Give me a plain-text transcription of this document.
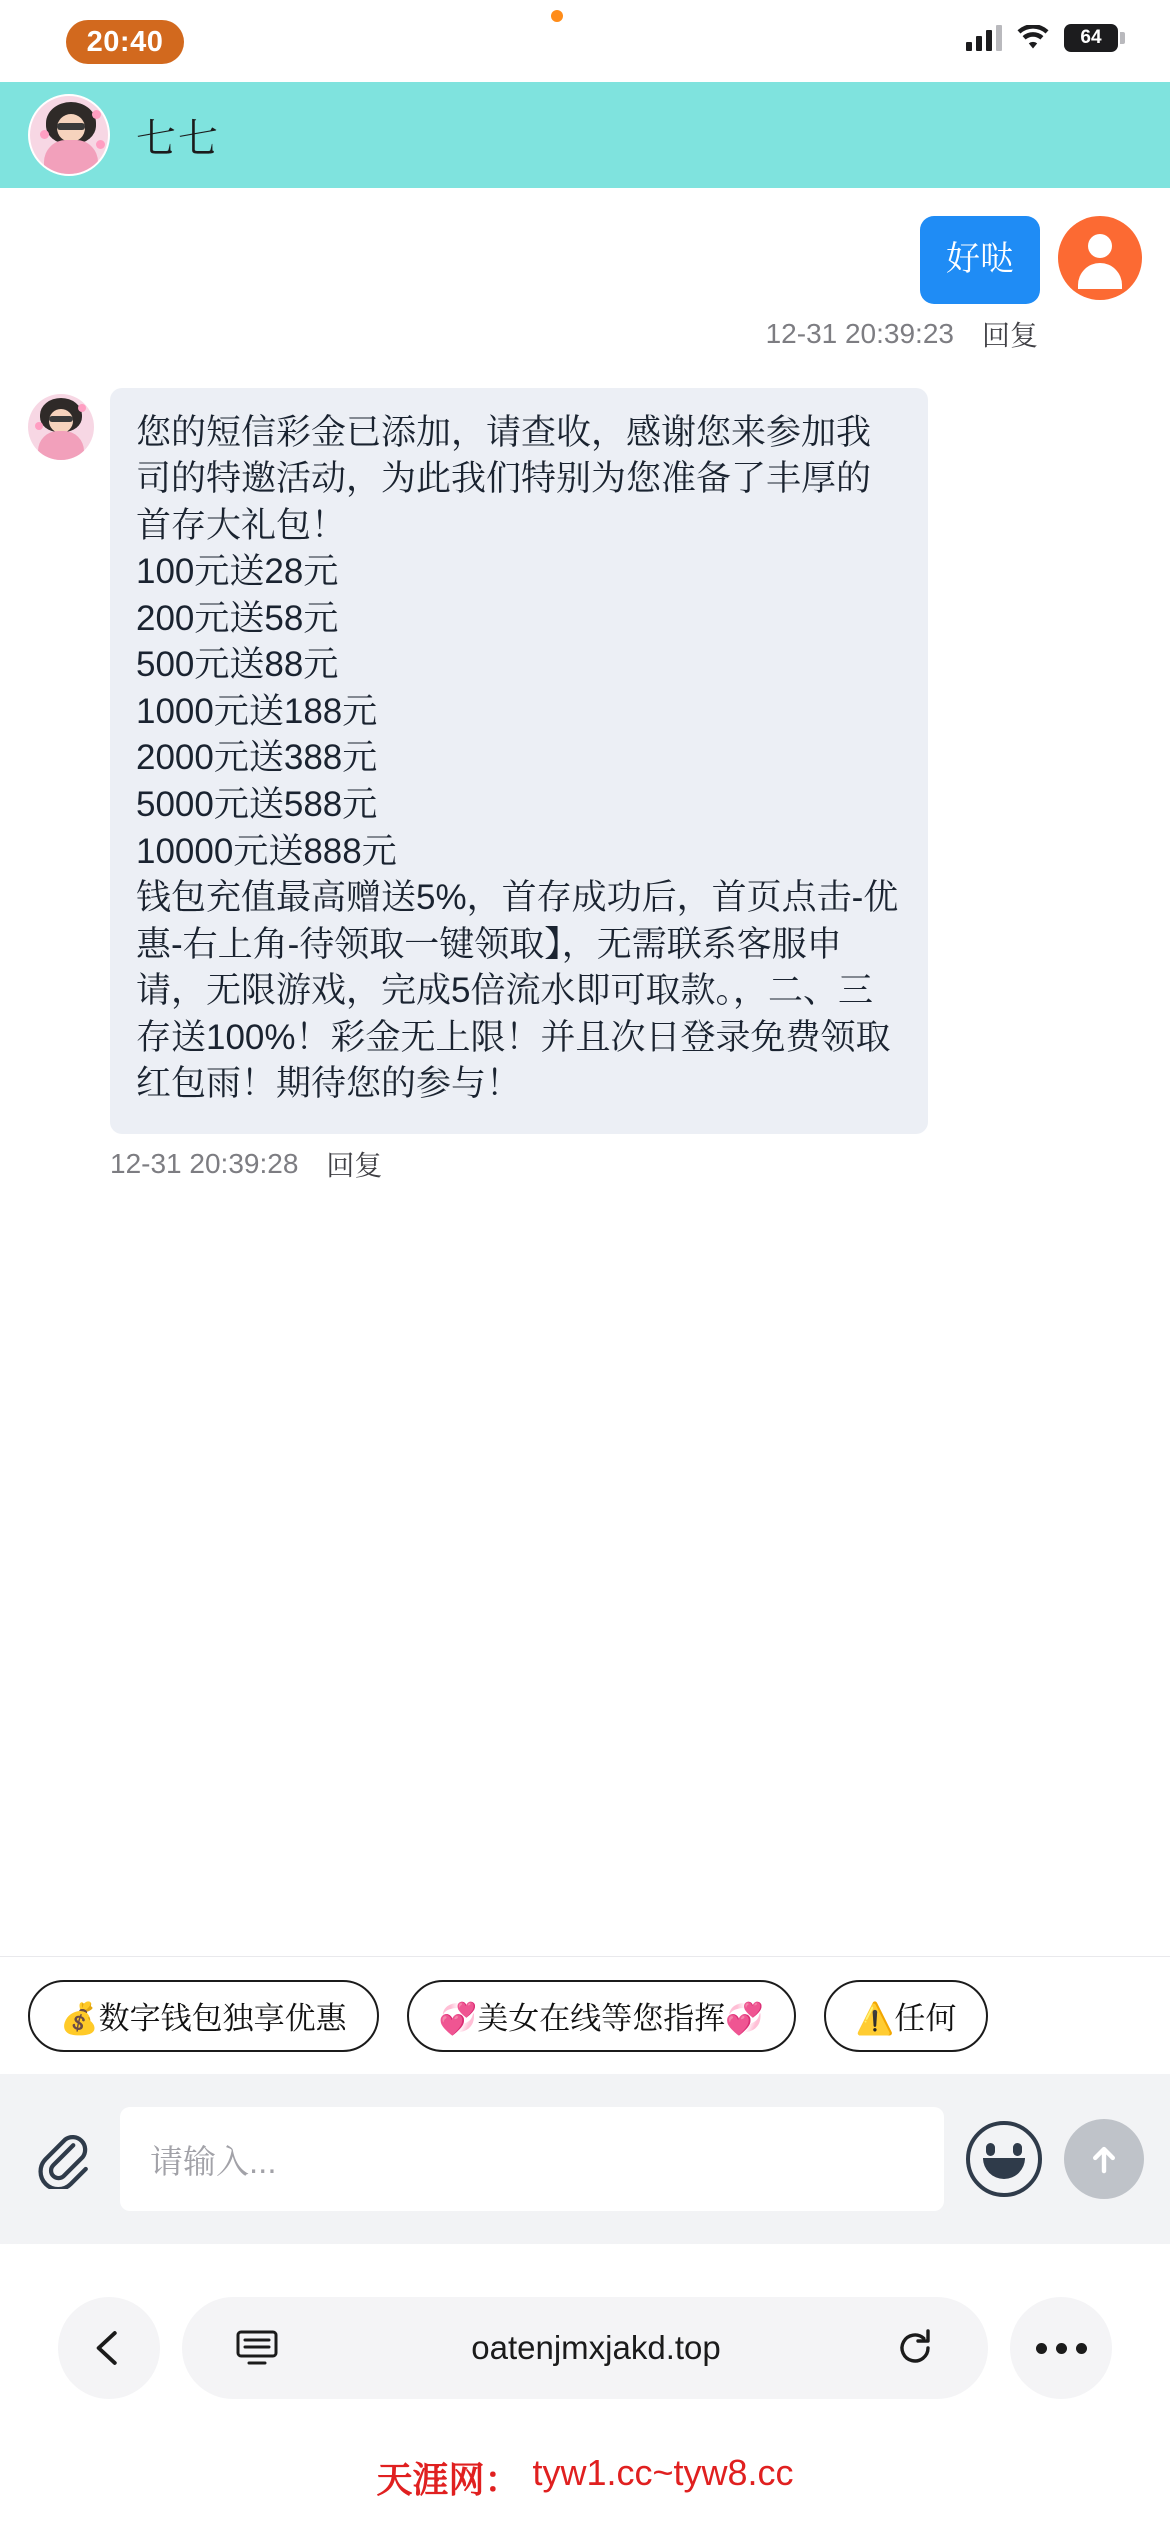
20:40	64
七七
好哒
12-31 20:39:23 回复

您的短信彩金已添加，请查收，感谢您来参加我司的特邀活动，为此我们特别为您准备了丰厚的首存大礼包！

100元送28元

200元送58元

500元送88元

1000元送188元

2000元送388元

5000元送588元

10000元送888元

钱包充值最高赠送5%，首存成功后，首页点击-优惠-右上角-待领取一键领取】，无需联系客服申请，无限游戏，完成5倍流水即可取款。，二、三存送100%！彩金无上限！并且次日登录免费领取红包雨！期待您的参与！

12-31 20:39:28 回复
💰数字钱包独享优惠	💞美女在线等您指挥💞	⚠️任何
请输入...
oatenjmxjakd.top
天涯网： tyw1.cc~tyw8.cc
